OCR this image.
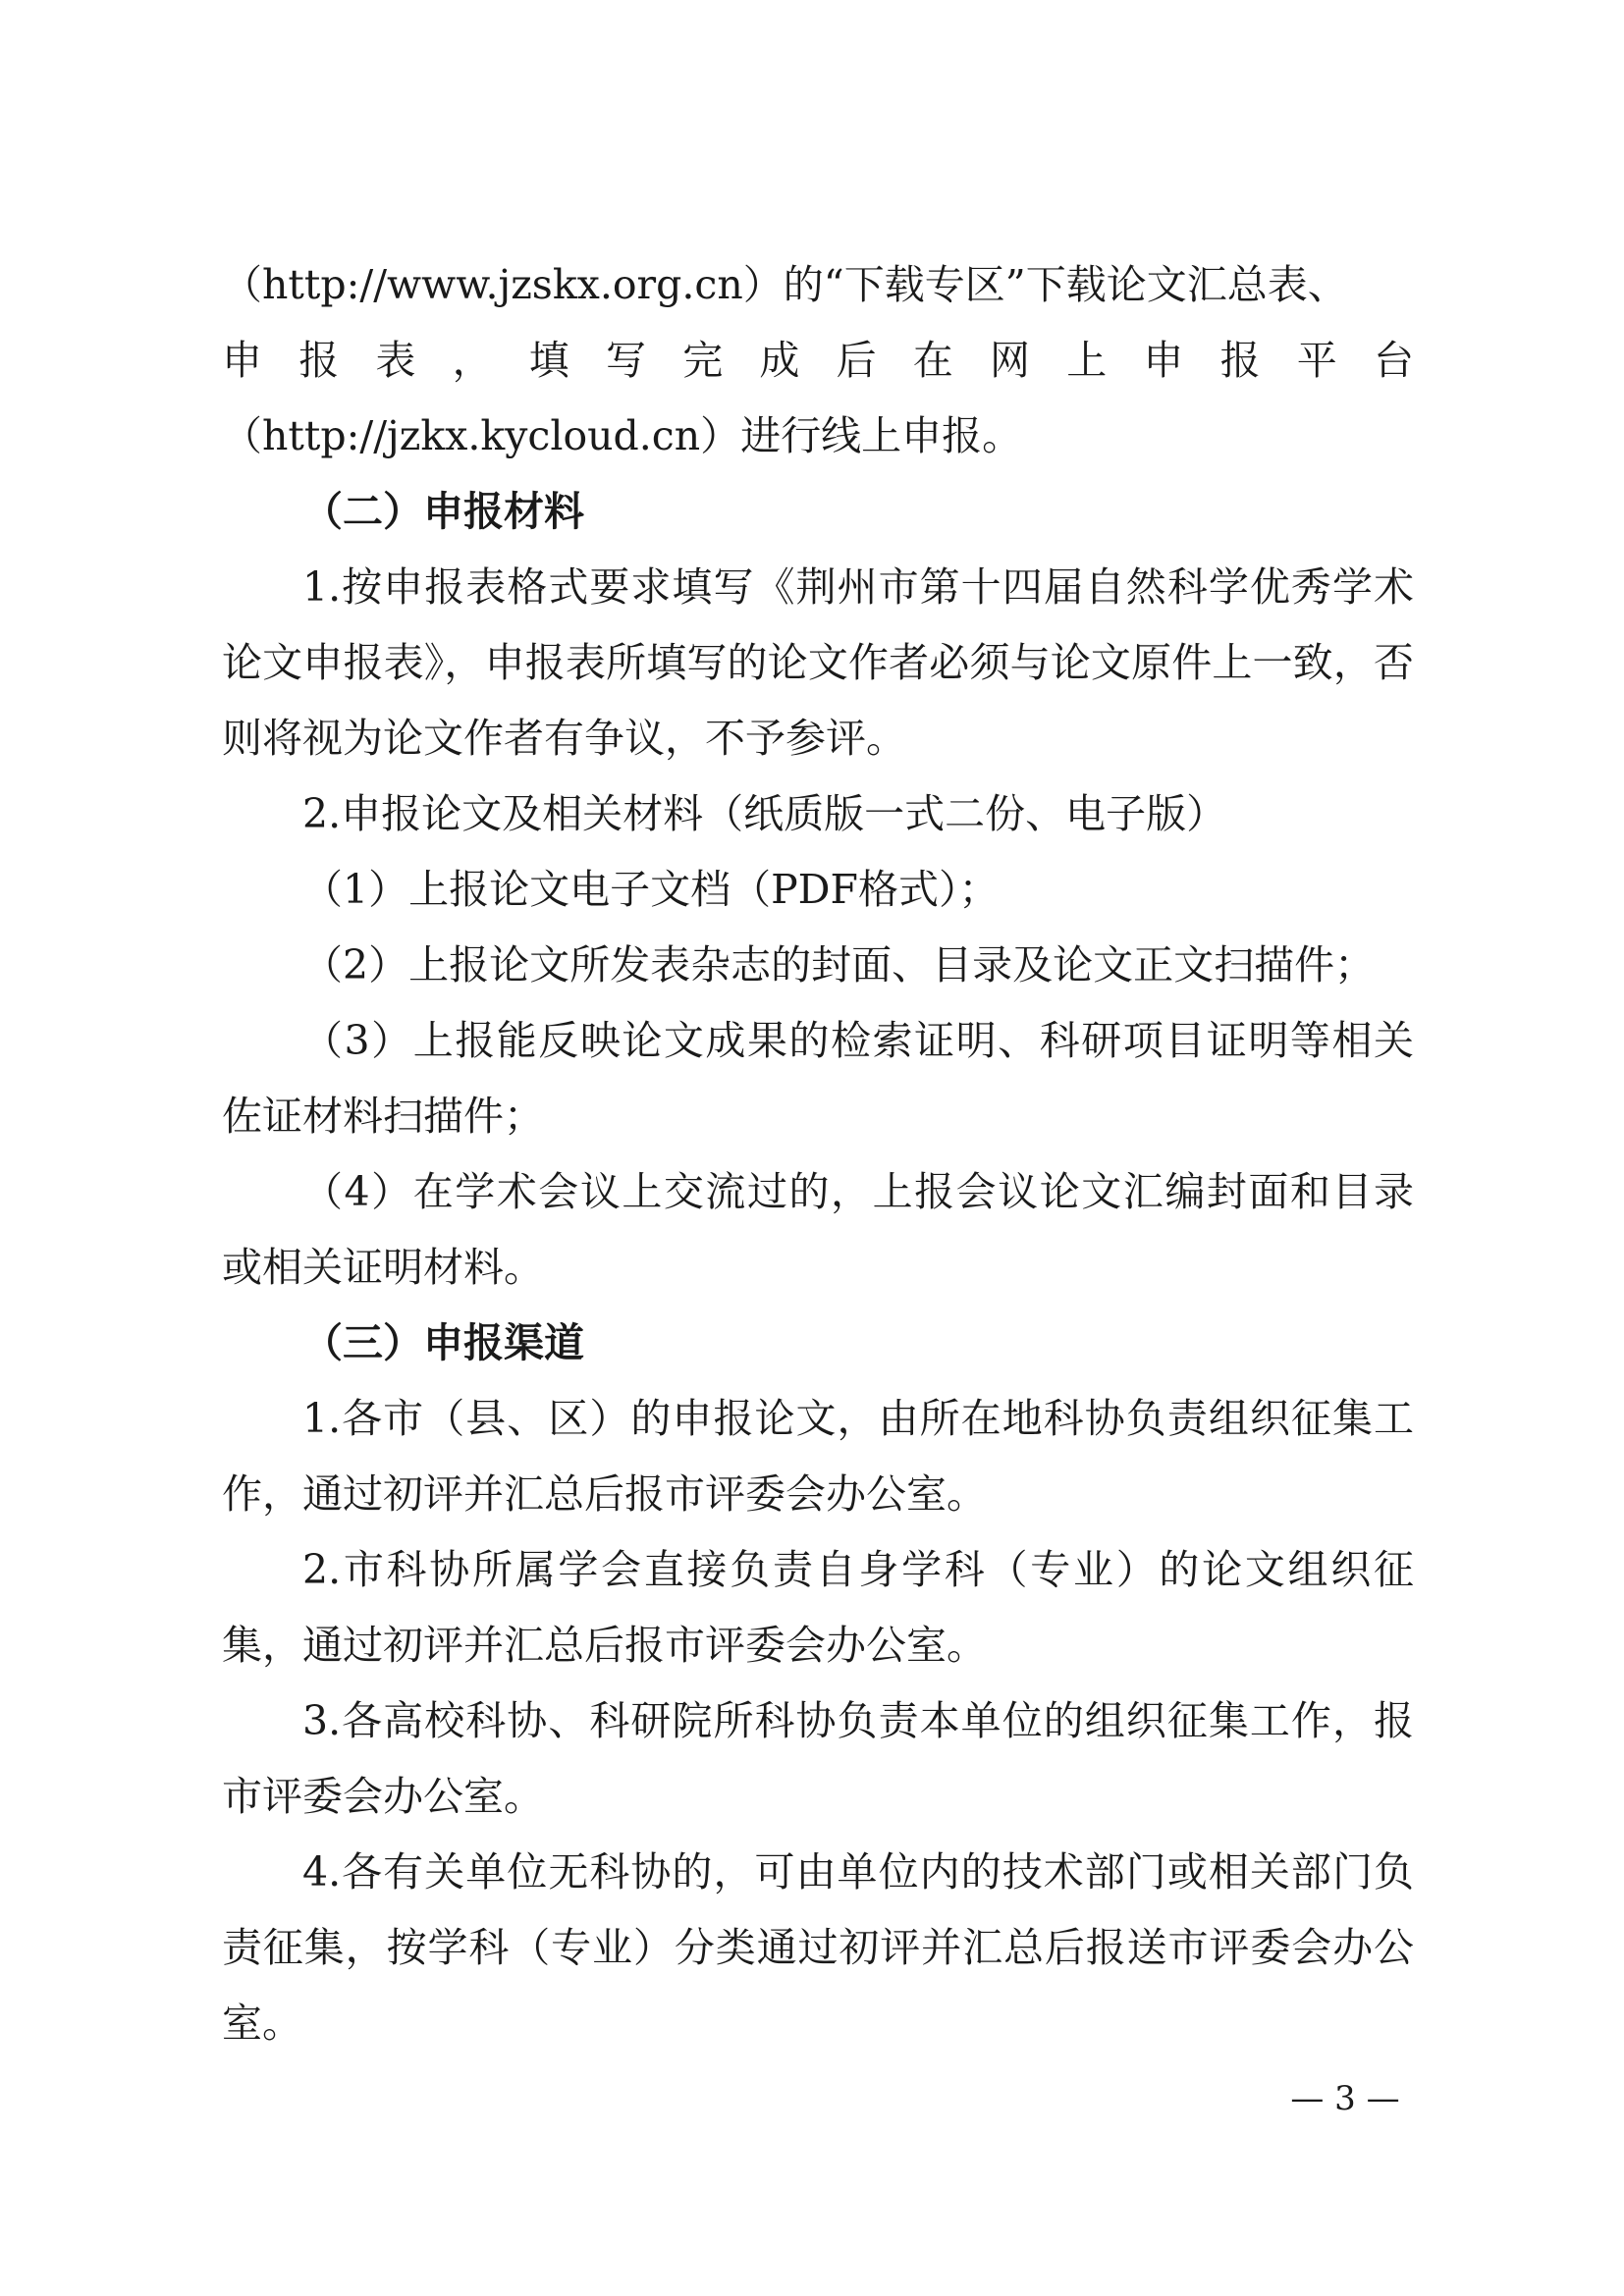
（http://www.jzskx.org.cn）的“下载专区”下载论文汇总表、

申报表，填写完成后在网上申报平台

（http://jzkx.kycloud.cn）进行线上申报。

（二）申报材料

1.按申报表格式要求填写《荆州市第十四届自然科学优秀学术论文申报表》，申报表所填写的论文作者必须与论文原件上一致，否则将视为论文作者有争议，不予参评。

2.申报论文及相关材料（纸质版一式二份、电子版）

（1）上报论文电子文档（PDF格式）；

（2）上报论文所发表杂志的封面、目录及论文正文扫描件；

（3）上报能反映论文成果的检索证明、科研项目证明等相关佐证材料扫描件；

（4）在学术会议上交流过的，上报会议论文汇编封面和目录或相关证明材料。

（三）申报渠道

1.各市（县、区）的申报论文，由所在地科协负责组织征集工作，通过初评并汇总后报市评委会办公室。

2.市科协所属学会直接负责自身学科（专业）的论文组织征集，通过初评并汇总后报市评委会办公室。

3.各高校科协、科研院所科协负责本单位的组织征集工作，报市评委会办公室。

4.各有关单位无科协的，可由单位内的技术部门或相关部门负责征集，按学科（专业）分类通过初评并汇总后报送市评委会办公室。

— 3 —
